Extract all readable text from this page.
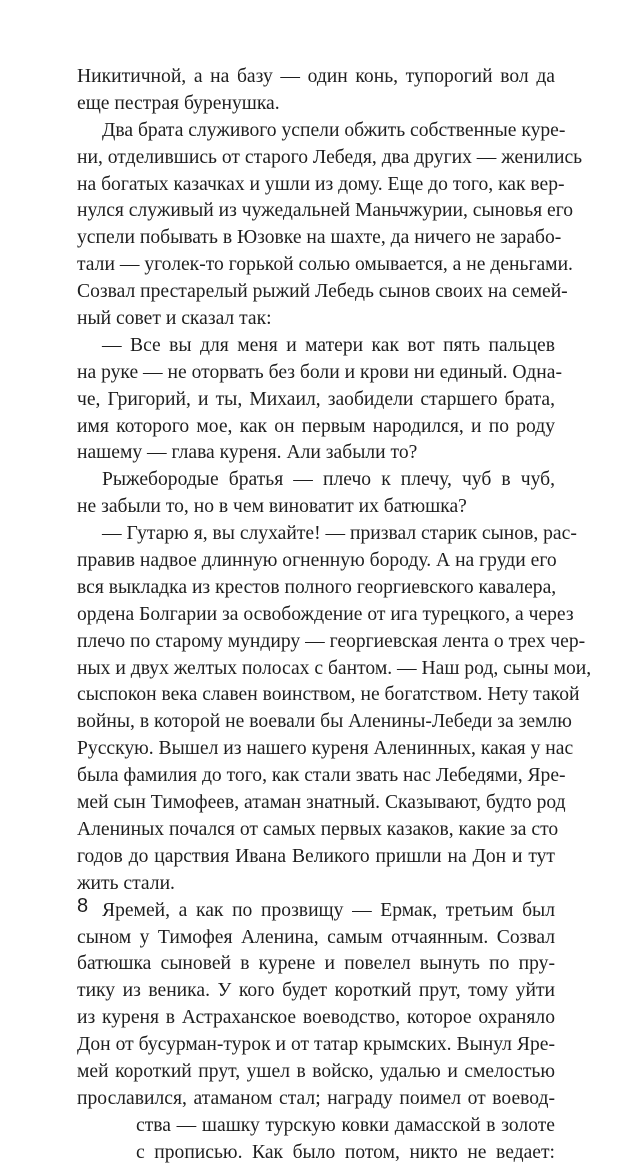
Никитичной, а на базу — один конь, тупорогий вол да
еще пестрая буренушка.
Два брата служивого успели обжить собственные куре-
ни, отделившись от старого Лебедя, два других — женились
на богатых казачках и ушли из дому. Еще до того, как вер-
нулся служивый из чужедальней Маньчжурии, сыновья его
успели побывать в Юзовке на шахте, да ничего не зарабо-
тали — уголек-то горькой солью омывается, а не деньгами.
Созвал престарелый рыжий Лебедь сынов своих на семей-
ный совет и сказал так:
— Все вы для меня и матери как вот пять пальцев
на руке — не оторвать без боли и крови ни единый. Одна-
че, Григорий, и ты, Михаил, заобидели старшего брата,
имя которого мое, как он первым народился, и по роду
нашему — глава куреня. Али забыли то?
Рыжебородые братья — плечо к плечу, чуб в чуб,
не забыли то, но в чем виноватит их батюшка?
— Гутарю я, вы слухайте! — призвал старик сынов, рас-
правив надвое длинную огненную бороду. А на груди его
вся выкладка из крестов полного георгиевского кавалера,
ордена Болгарии за освобождение от ига турецкого, а через
плечо по старому мундиру — георгиевская лента о трех чер-
ных и двух желтых полосах с бантом. — Наш род, сыны мои,
сыспокон века славен воинством, не богатством. Нету такой
войны, в которой не воевали бы Аленины-Лебеди за землю
Русскую. Вышел из нашего куреня Аленинных, какая у нас
была фамилия до того, как стали звать нас Лебедями, Яре-
мей сын Тимофеев, атаман знатный. Сказывают, будто род
Алениных почался от самых первых казаков, какие за сто
годов до царствия Ивана Великого пришли на Дон и тут
жить стали.
Яремей, а как по прозвищу — Ермак, третьим был
сыном у Тимофея Аленина, самым отчаянным. Созвал
батюшка сыновей в курене и повелел вынуть по пру-
тику из веника. У кого будет короткий прут, тому уйти
из куреня в Астраханское воеводство, которое охраняло
Дон от бусурман-турок и от татар крымских. Вынул Яре-
мей короткий прут, ушел в войско, удалью и смелостью
прославился, атаманом стал; награду поимел от воевод-
ства — шашку турскую ковки дамасской в золоте
с прописью. Как было потом, никто не ведает:
8
